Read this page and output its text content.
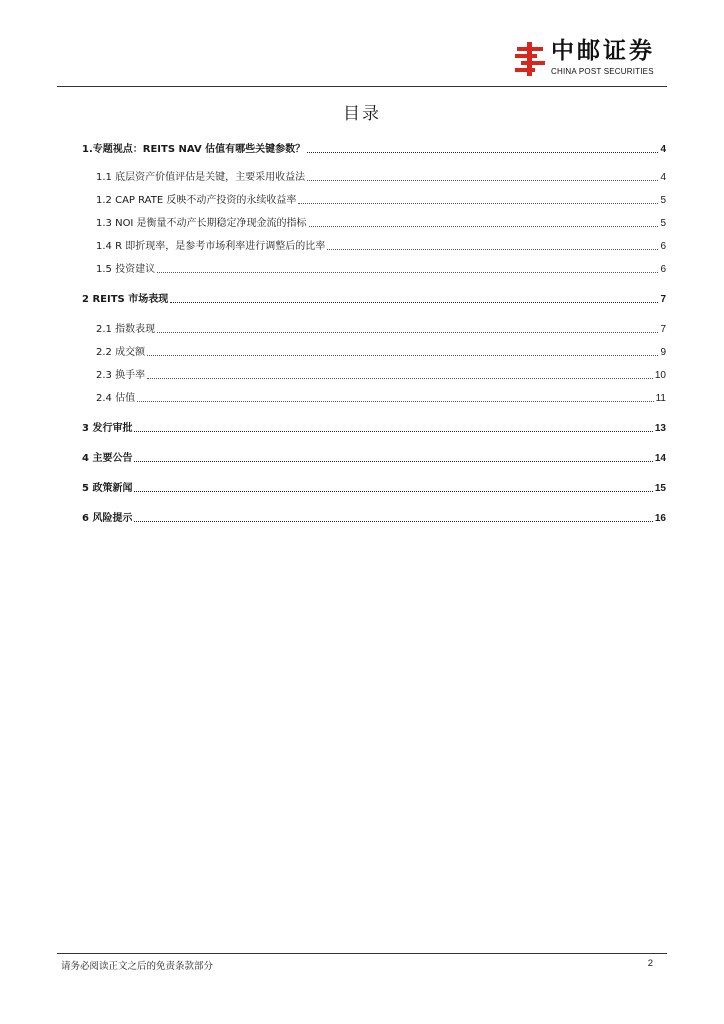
中邮证券
CHINA POST SECURITIES
目录
1.专题视点：REITS NAV 估值有哪些关键参数？	4
1.1 底层资产价值评估是关键，主要采用收益法	4
1.2 CAP RATE 反映不动产投资的永续收益率	5
1.3 NOI 是衡量不动产长期稳定净现金流的指标	5
1.4 R 即折现率，是参考市场利率进行调整后的比率	6
1.5 投资建议	6
2 REITS 市场表现	7
2.1 指数表现	7
2.2 成交额	9
2.3 换手率	10
2.4 估值	11
3 发行审批	13
4 主要公告	14
5 政策新闻	15
6 风险提示	16
请务必阅读正文之后的免责条款部分	2
